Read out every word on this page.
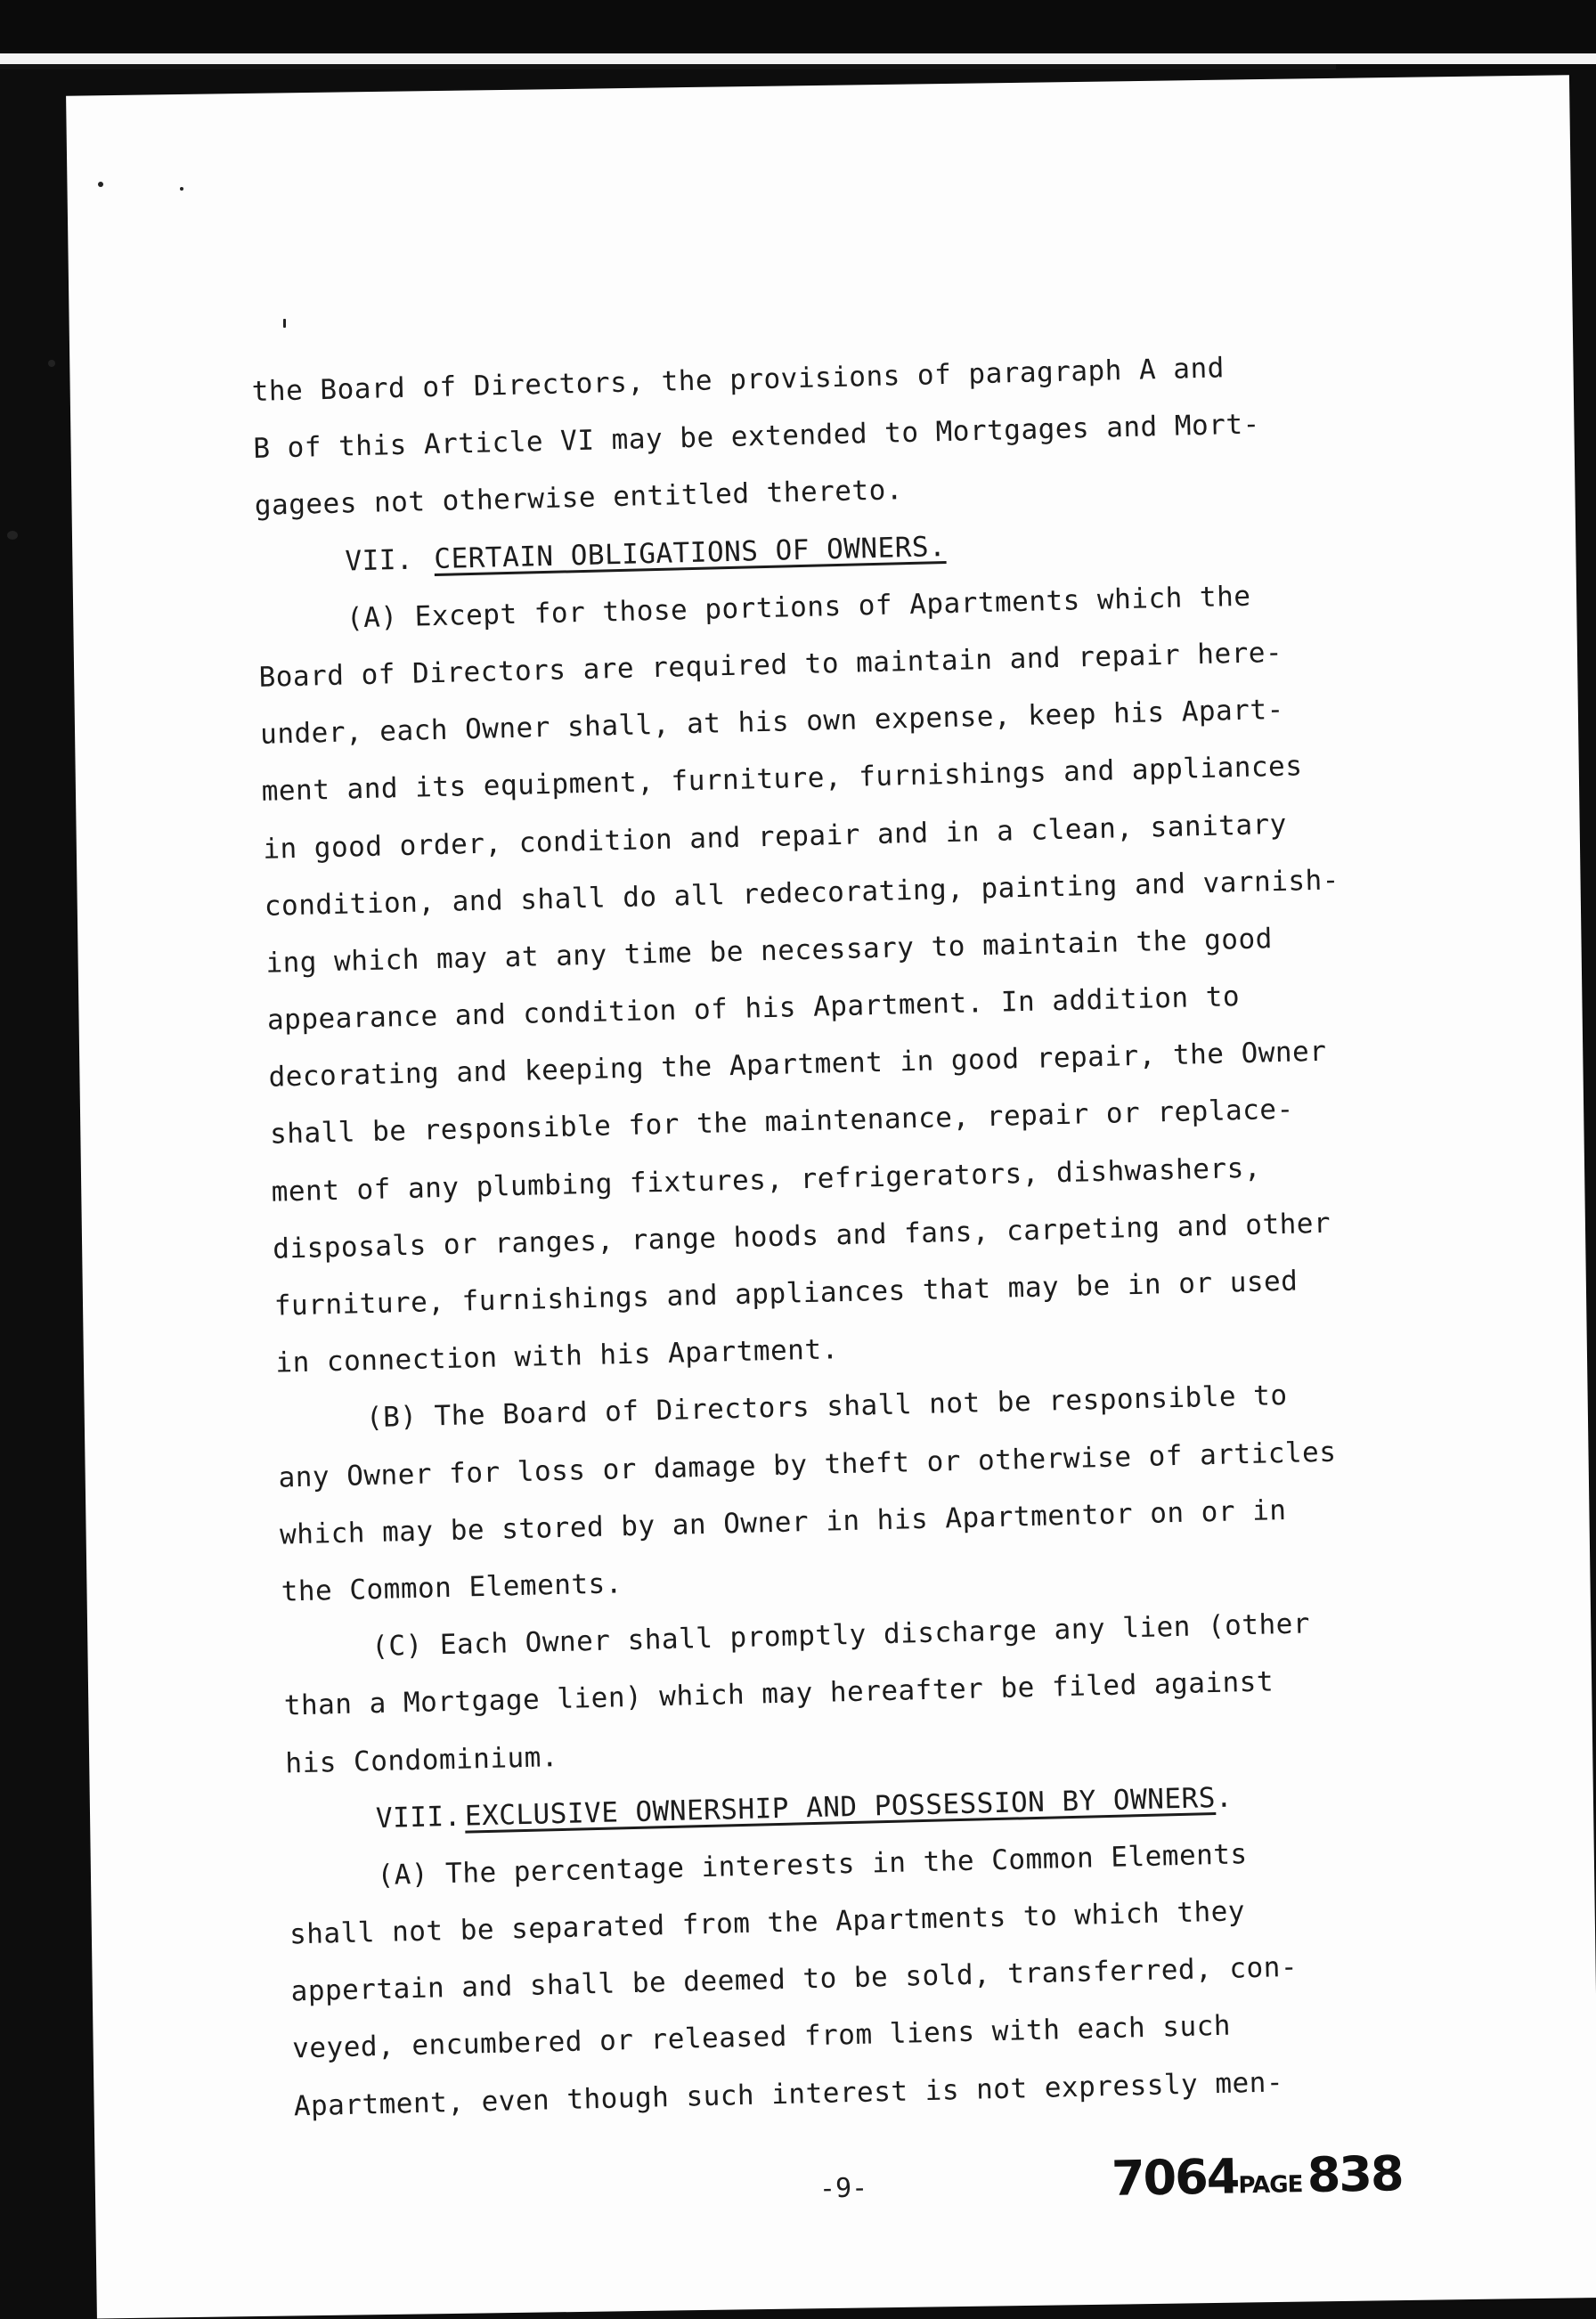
the Board of Directors, the provisions of paragraph A and
B of this Article VI may be extended to Mortgages and Mort-
gagees not otherwise entitled thereto.
VII. CERTAIN OBLIGATIONS OF OWNERS.
(A) Except for those portions of Apartments which the
Board of Directors are required to maintain and repair here-
under, each Owner shall, at his own expense, keep his Apart-
ment and its equipment, furniture, furnishings and appliances
in good order, condition and repair and in a clean, sanitary
condition, and shall do all redecorating, painting and varnish-
ing which may at any time be necessary to maintain the good
appearance and condition of his Apartment. In addition to
decorating and keeping the Apartment in good repair, the Owner
shall be responsible for the maintenance, repair or replace-
ment of any plumbing fixtures, refrigerators, dishwashers,
disposals or ranges, range hoods and fans, carpeting and other
furniture, furnishings and appliances that may be in or used
in connection with his Apartment.
(B) The Board of Directors shall not be responsible to
any Owner for loss or damage by theft or otherwise of articles
which may be stored by an Owner in his Apartmentor on or in
the Common Elements.
(C) Each Owner shall promptly discharge any lien (other
than a Mortgage lien) which may hereafter be filed against
his Condominium.
VIII. EXCLUSIVE OWNERSHIP AND POSSESSION BY OWNERS.
(A) The percentage interests in the Common Elements
shall not be separated from the Apartments to which they
appertain and shall be deemed to be sold, transferred, con-
veyed, encumbered or released from liens with each such
Apartment, even though such interest is not expressly men-
-9-	7064PAGE 838
